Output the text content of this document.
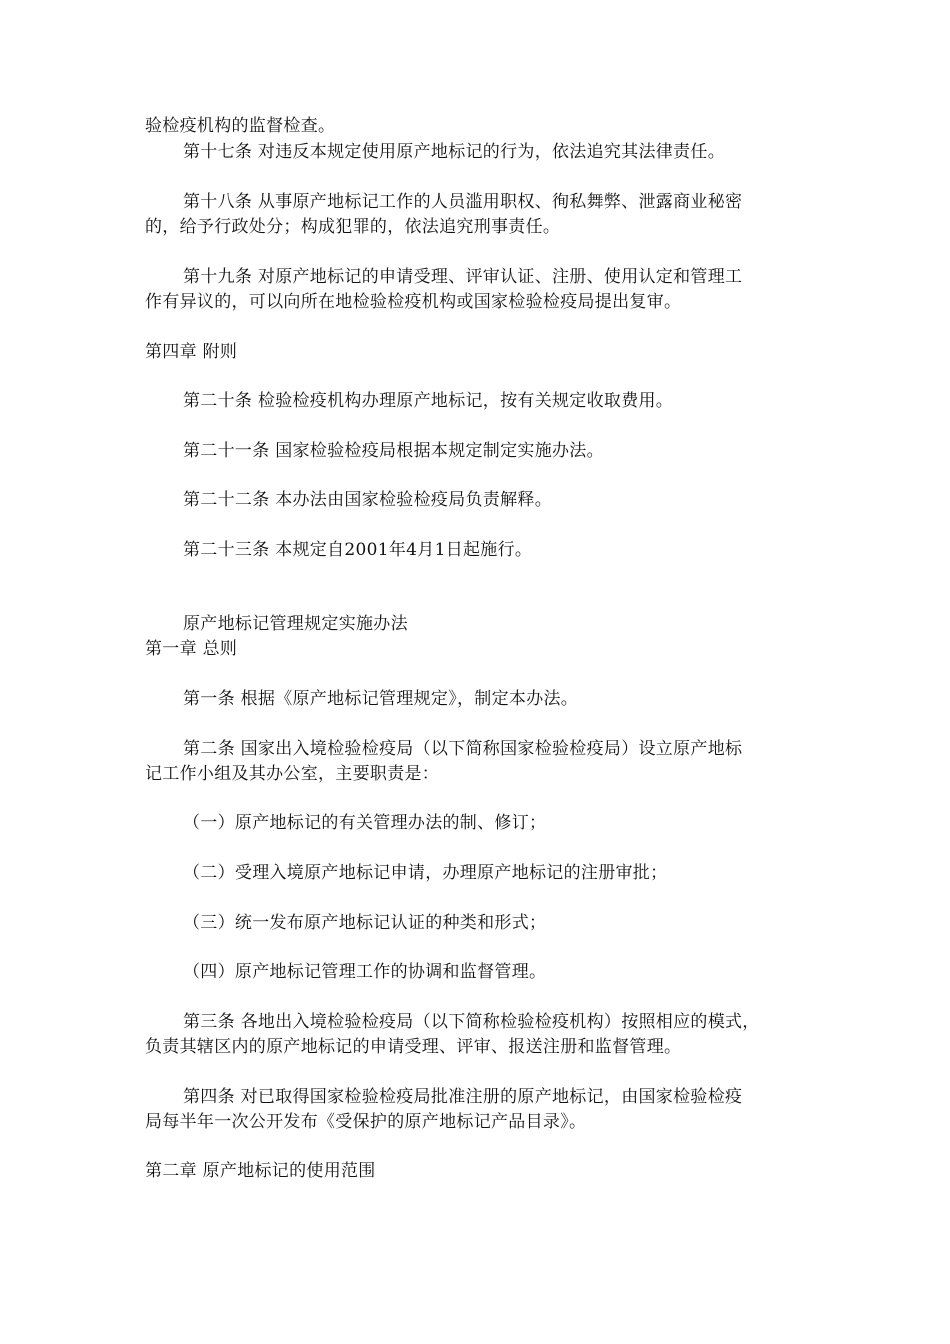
验检疫机构的监督检查。
第十七条 对违反本规定使用原产地标记的行为，依法追究其法律责任。
第十八条 从事原产地标记工作的人员滥用职权、徇私舞弊、泄露商业秘密
的，给予行政处分；构成犯罪的，依法追究刑事责任。
第十九条 对原产地标记的申请受理、评审认证、注册、使用认定和管理工
作有异议的，可以向所在地检验检疫机构或国家检验检疫局提出复审。
第四章 附则
第二十条 检验检疫机构办理原产地标记，按有关规定收取费用。
第二十一条 国家检验检疫局根据本规定制定实施办法。
第二十二条 本办法由国家检验检疫局负责解释。
第二十三条 本规定自2001年4月1日起施行。
原产地标记管理规定实施办法
第一章 总则
第一条 根据《原产地标记管理规定》，制定本办法。
第二条 国家出入境检验检疫局（以下简称国家检验检疫局）设立原产地标
记工作小组及其办公室，主要职责是：
（一）原产地标记的有关管理办法的制、修订；
（二）受理入境原产地标记申请，办理原产地标记的注册审批；
（三）统一发布原产地标记认证的种类和形式；
（四）原产地标记管理工作的协调和监督管理。
第三条 各地出入境检验检疫局（以下简称检验检疫机构）按照相应的模式，
负责其辖区内的原产地标记的申请受理、评审、报送注册和监督管理。
第四条 对已取得国家检验检疫局批准注册的原产地标记，由国家检验检疫
局每半年一次公开发布《受保护的原产地标记产品目录》。
第二章 原产地标记的使用范围
